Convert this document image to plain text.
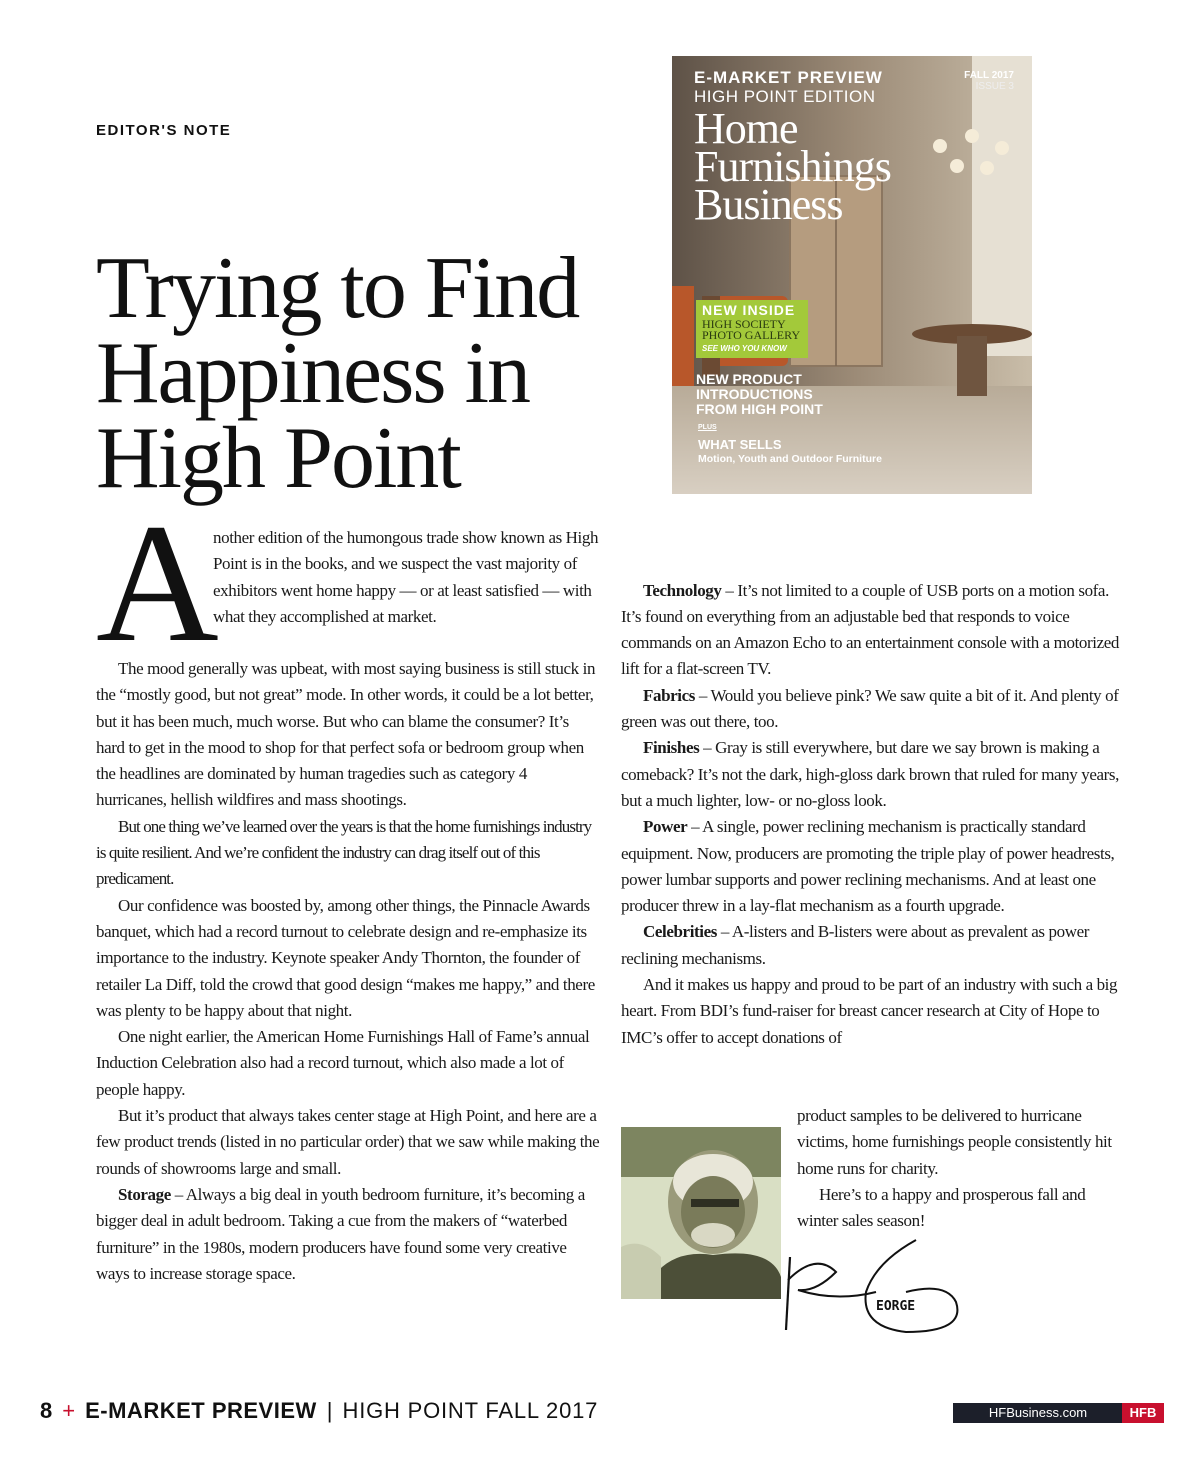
EDITOR'S NOTE
Trying to Find Happiness in High Point
E-MARKET PREVIEW
HIGH POINT EDITION
FALL 2017
ISSUE 3
Home
Furnishings
Business
NEW INSIDE
HIGH SOCIETY
PHOTO GALLERY
SEE WHO YOU KNOW
NEW PRODUCT
INTRODUCTIONS
FROM HIGH POINT
PLUS
WHAT SELLS
Motion, Youth and Outdoor Furniture
A

nother edition of the humongous trade show known as High Point is in the books, and we suspect the vast majority of exhibitors went home happy — or at least satisfied — with what they accomplished at market.

The mood generally was upbeat, with most saying business is still stuck in the “mostly good, but not great” mode. In other words, it could be a lot better, but it has been much, much worse. But who can blame the consumer? It’s hard to get in the mood to shop for that perfect sofa or bedroom group when the headlines are dominated by human tragedies such as category 4 hurricanes, hellish wildfires and mass shootings.

But one thing we’ve learned over the years is that the home furnishings industry is quite resilient. And we’re confident the industry can drag itself out of this predicament.

Our confidence was boosted by, among other things, the Pinnacle Awards banquet, which had a record turnout to celebrate design and re-emphasize its importance to the industry. Keynote speaker Andy Thornton, the founder of retailer La Diff, told the crowd that good design “makes me happy,” and there was plenty to be happy about that night.

One night earlier, the American Home Furnishings Hall of Fame’s annual Induction Celebration also had a record turnout, which also made a lot of people happy.

But it’s product that always takes center stage at High Point, and here are a few product trends (listed in no particular order) that we saw while making the rounds of showrooms large and small.

Storage – Always a big deal in youth bedroom furniture, it’s becoming a bigger deal in adult bedroom. Taking a cue from the makers of “waterbed furniture” in the 1980s, modern producers have found some very creative ways to increase storage space.

Technology – It’s not limited to a couple of USB ports on a motion sofa. It’s found on everything from an adjustable bed that responds to voice commands on an Amazon Echo to an entertainment console with a motorized lift for a flat-screen TV.

Fabrics – Would you believe pink? We saw quite a bit of it. And plenty of green was out there, too.

Finishes – Gray is still everywhere, but dare we say brown is making a comeback? It’s not the dark, high-gloss dark brown that ruled for many years, but a much lighter, low- or no-gloss look.

Power – A single, power reclining mechanism is practically standard equipment. Now, producers are promoting the triple play of power headrests, power lumbar supports and power reclining mechanisms. And at least one producer threw in a lay-flat mechanism as a fourth upgrade.

Celebrities – A-listers and B-listers were about as prevalent as power reclining mechanisms.

And it makes us happy and proud to be part of an industry with such a big heart. From BDI’s fund-raiser for breast cancer research at City of Hope to IMC’s offer to accept donations of

product samples to be delivered to hurricane victims, home furnishings people consistently hit home runs for charity.

Here’s to a happy and prosperous fall and winter sales season!

EORGE
8 + E-MARKET PREVIEW | HIGH POINT FALL 2017	HFBusiness.com	HFB
